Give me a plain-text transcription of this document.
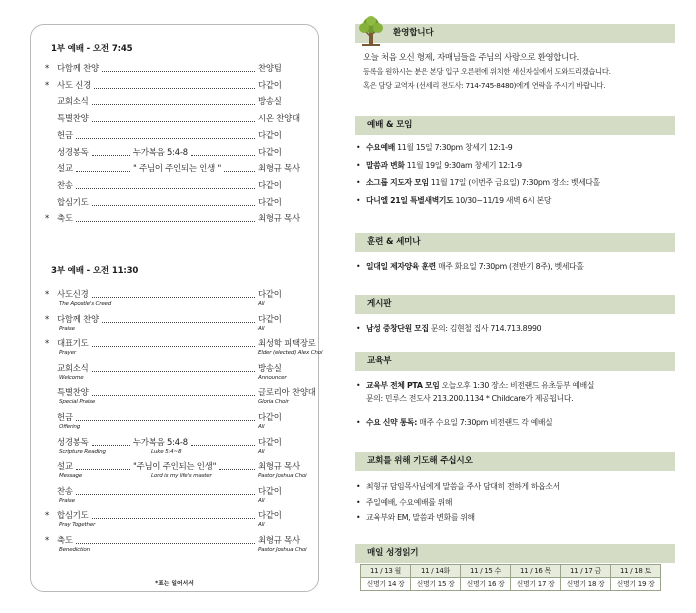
1부 예배 - 오전 7:45
* 다함께 찬양	찬양팀
* 사도 신경	다같이
교회소식	방송실
특별찬양	시온 찬양대
헌금	다같이
성경봉독	누가복음 5:4-8	다같이
설교	" 주님이 주인되는 인생 "	최형규 목사
찬송	다같이
합심기도	다같이
* 축도	최형규 목사
3부 예배 - 오전 11:30
* 사도신경	다같이
The Apostle's Creed	All
* 다함께 찬양	다같이
Praise	All
* 대표기도	최성학 피택장로
Prayer	Elder (elected) Alex Choi
교회소식	방송실
Welcome	Announcer
특별찬양	글로리아 찬양대
Special Praise	Gloria Choir
헌금	다같이
Offering	All
성경봉독	누가복음 5:4-8	다같이
Scripture Reading	Luke 5:4~8	All
설교	"주님이 주인되는 인생"	최형규 목사
Message	Lord is my life's master	Pastor Joshua Choi
찬송	다같이
Praise	All
* 합심기도	다같이
Pray Together	All
* 축도	최형규 목사
Benediction	Pastor Joshua Choi
*표는 일어서서
환영합니다
오늘 처음 오신 형제, 자매님들을 주님의 사랑으로 환영합니다.
등록을 원하시는 분은 본당 입구 오른편에 위치한 새신자실에서 도와드리겠습니다.
혹은 담당 교역자 (선세리 전도사: 714-745-8480)에게 연락을 주시기 바랍니다.
예배 & 모임
• 수요예배 11월 15일 7:30pm 창세기 12:1-9
• 말씀과 변화 11월 19일 9:30am 창세기 12:1-9
• 소그룹 지도자 모임 11월 17일 (이번주 금요일) 7:30pm 장소: 벳세다홀
• 다니엘 21일 특별새벽기도 10/30~11/19 새벽 6시 본당
훈련 & 세미나
• 일대일 제자양육 훈련 매주 화요일 7:30pm (전반기 8주), 벳세다홀
게시판
• 남성 중창단원 모집 문의: 김현철 집사 714.713.8990
교육부
• 교육부 전체 PTA 모임 오늘오후 1:30 장소: 비전랜드 유초등부 예배실
문의: 민루스 전도사 213.200.1134 * Childcare가 제공됩니다.
• 수요 신약 통독: 매주 수요일 7:30pm 비전랜드 각 예배실
교회를 위해 기도해 주십시오
• 최형규 담임목사님에게 말씀을 주사 담대히 전하게 하옵소서
• 주일예배, 수요예배를 위해
• 교육부와 EM, 말씀과 변화를 위해
매일 성경읽기
11 / 13 월	11 / 14화	11 / 15 수	11 / 16 목	11 / 17 금	11 / 18 토
신명기 14 장	신명기 15 장	신명기 16 장	신명기 17 장	신명기 18 장	신명기 19 장
